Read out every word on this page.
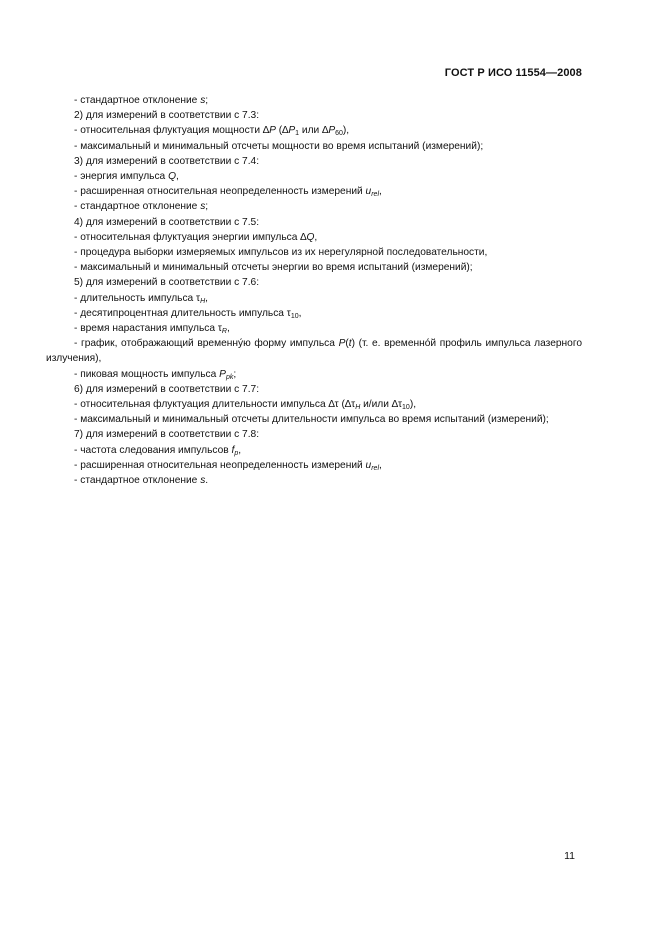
ГОСТ Р ИСО 11554—2008
- стандартное отклонение s;
2) для измерений в соответствии с 7.3:
- относительная флуктуация мощности ∆P ($\Delta P_1$ или $\Delta P_{60}$),
- максимальный и минимальный отсчеты мощности во время испытаний (измерений);
3) для измерений в соответствии с 7.4:
- энергия импульса Q,
- расширенная относительная неопределенность измерений $u_{rel}$,
- стандартное отклонение s;
4) для измерений в соответствии с 7.5:
- относительная флуктуация энергии импульса ∆Q,
- процедура выборки измеряемых импульсов из их нерегулярной последовательности,
- максимальный и минимальный отсчеты энергии во время испытаний (измерений);
5) для измерений в соответствии с 7.6:
- длительность импульса $\tau_H$,
- десятипроцентная длительность импульса $\tau_{10}$,
- время нарастания импульса $\tau_R$,
- график, отображающий временну́ю форму импульса P(t) (т. е. временно́й профиль импульса лазерного излучения),
- пиковая мощность импульса $P_{pk}$;
6) для измерений в соответствии с 7.7:
- относительная флуктуация длительности импульса ∆τ ($\Delta\tau_H$ и/или $\Delta\tau_{10}$),
- максимальный и минимальный отсчеты длительности импульса во время испытаний (измерений);
7) для измерений в соответствии с 7.8:
- частота следования импульсов $f_p$,
- расширенная относительная неопределенность измерений $u_{rel}$,
- стандартное отклонение s.
11
